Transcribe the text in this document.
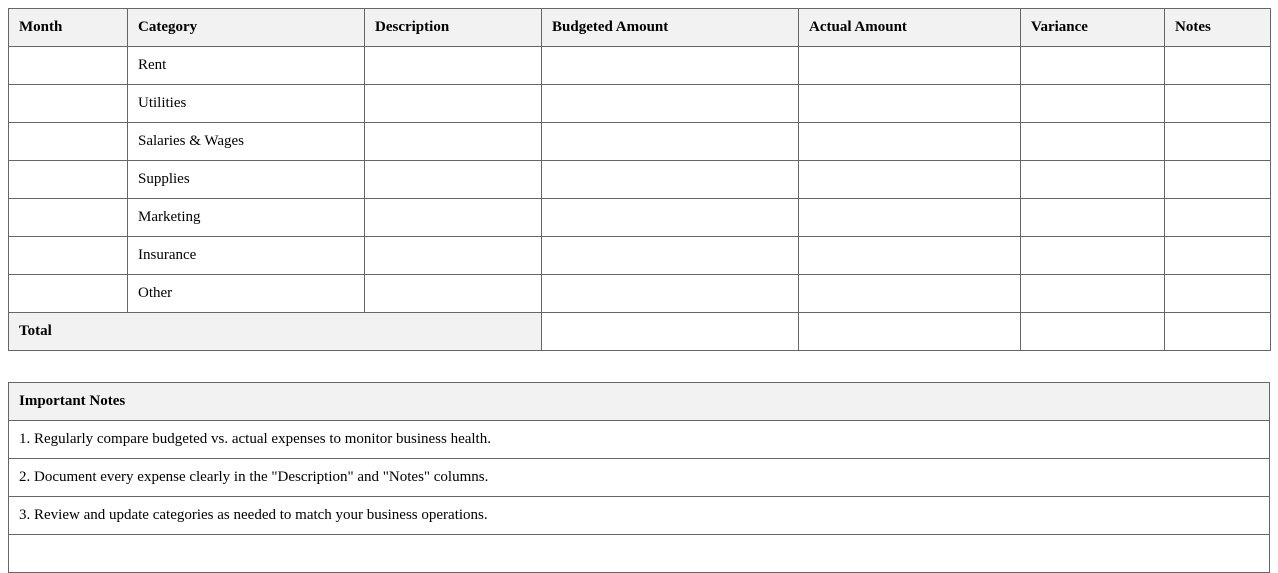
Month	Category	Description	Budgeted Amount	Actual Amount	Variance	Notes
	Rent					
	Utilities					
	Salaries & Wages					
	Supplies					
	Marketing					
	Insurance					
	Other					
Total						
Important Notes
1. Regularly compare budgeted vs. actual expenses to monitor business health.
2. Document every expense clearly in the "Description" and "Notes" columns.
3. Review and update categories as needed to match your business operations.
